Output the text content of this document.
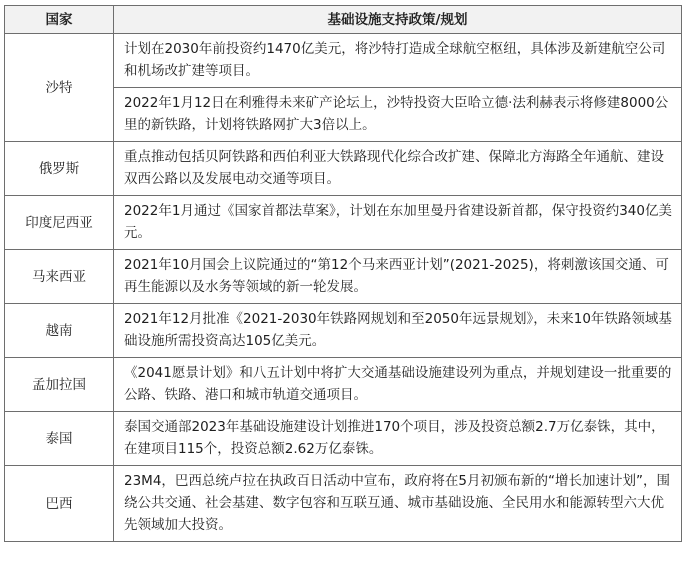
国家	基础设施支持政策/规划
沙特	计划在2030年前投资约1470亿美元，将沙特打造成全球航空枢纽，具体涉及新建航空公司和机场改扩建等项目。
	2022年1月12日在利雅得未来矿产论坛上，沙特投资大臣哈立德·法利赫表示将修建8000公里的新铁路，计划将铁路网扩大3倍以上。
俄罗斯	重点推动包括贝阿铁路和西伯利亚大铁路现代化综合改扩建、保障北方海路全年通航、建设双西公路以及发展电动交通等项目。
印度尼西亚	2022年1月通过《国家首都法草案》，计划在东加里曼丹省建设新首都，保守投资约340亿美元。
马来西亚	2021年10月国会上议院通过的“第12个马来西亚计划”(2021-2025)，将刺激该国交通、可再生能源以及水务等领域的新一轮发展。
越南	2021年12月批准《2021-2030年铁路网规划和至2050年远景规划》，未来10年铁路领域基础设施所需投资高达105亿美元。
孟加拉国	《2041愿景计划》和八五计划中将扩大交通基础设施建设列为重点，并规划建设一批重要的公路、铁路、港口和城市轨道交通项目。
泰国	泰国交通部2023年基础设施建设计划推进170个项目，涉及投资总额2.7万亿泰铢，其中，在建项目115个，投资总额2.62万亿泰铢。
巴西	23M4，巴西总统卢拉在执政百日活动中宣布，政府将在5月初颁布新的“增长加速计划”，围绕公共交通、社会基建、数字包容和互联互通、城市基础设施、全民用水和能源转型六大优先领域加大投资。
